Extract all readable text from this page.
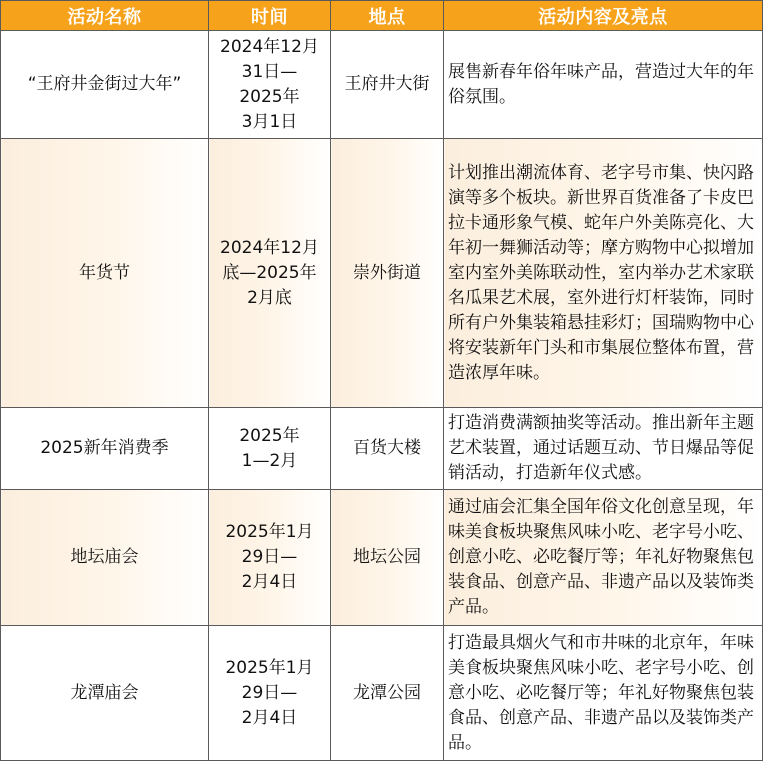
活动名称	时间	地点	活动内容及亮点
“王府井金街过大年”	2024年12月
31日—
2025年
3月1日	王府井大街	展售新春年俗年味产品，营造过大年的年俗氛围。
年货节	2024年12月
底—2025年
2月底	崇外街道	计划推出潮流体育、老字号市集、快闪路演等多个板块。新世界百货准备了卡皮巴拉卡通形象气模、蛇年户外美陈亮化、大年初一舞狮活动等；摩方购物中心拟增加室内室外美陈联动性，室内举办艺术家联名瓜果艺术展，室外进行灯杆装饰，同时所有户外集装箱悬挂彩灯；国瑞购物中心将安装新年门头和市集展位整体布置，营造浓厚年味。
2025新年消费季	2025年
1—2月	百货大楼	打造消费满额抽奖等活动。推出新年主题艺术装置，通过话题互动、节日爆品等促销活动，打造新年仪式感。
地坛庙会	2025年1月
29日—
2月4日	地坛公园	通过庙会汇集全国年俗文化创意呈现，年味美食板块聚焦风味小吃、老字号小吃、创意小吃、必吃餐厅等；年礼好物聚焦包装食品、创意产品、非遗产品以及装饰类产品。
龙潭庙会	2025年1月
29日—
2月4日	龙潭公园	打造最具烟火气和市井味的北京年，年味美食板块聚焦风味小吃、老字号小吃、创意小吃、必吃餐厅等；年礼好物聚焦包装食品、创意产品、非遗产品以及装饰类产品。
